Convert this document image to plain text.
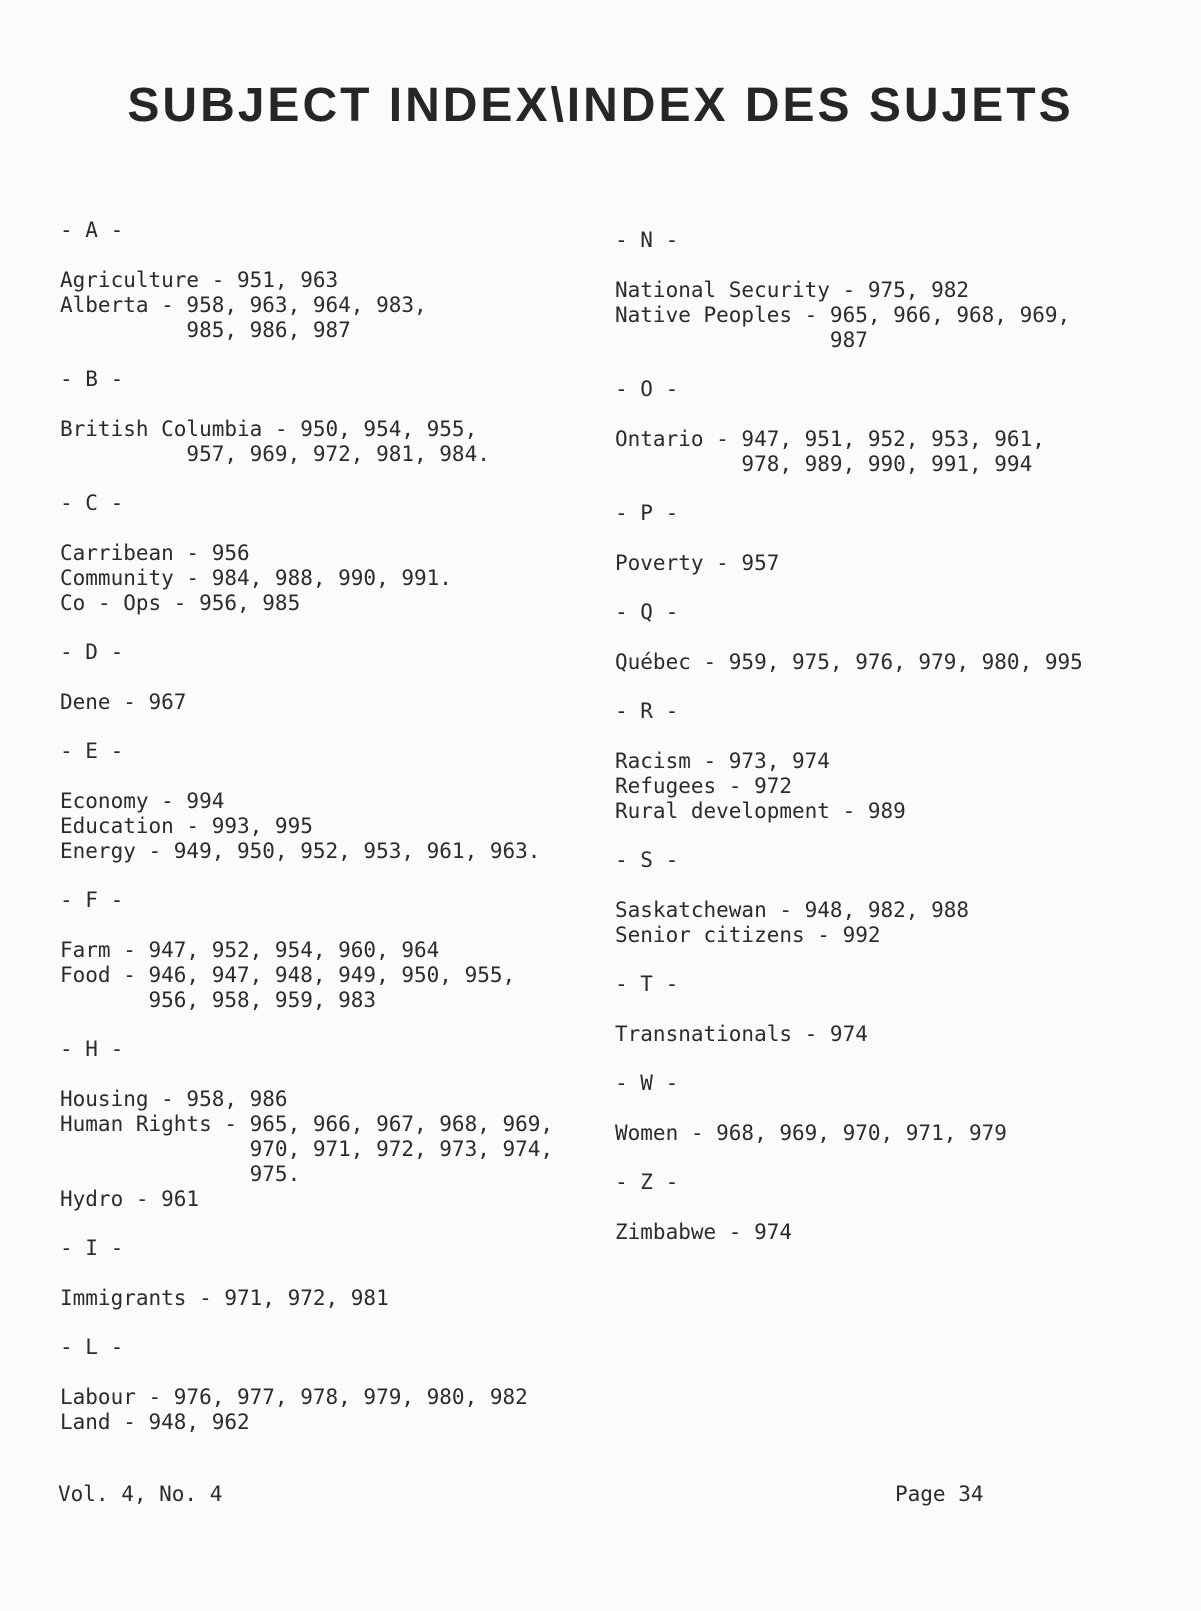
SUBJECT INDEX\INDEX DES SUJETS
- A -
Agriculture - 951, 963
Alberta - 958, 963, 964, 983,
985, 986, 987
- B -
British Columbia - 950, 954, 955,
957, 969, 972, 981, 984.
- C -
Carribean - 956
Community - 984, 988, 990, 991.
Co - Ops - 956, 985
- D -
Dene - 967
- E -
Economy - 994
Education - 993, 995
Energy - 949, 950, 952, 953, 961, 963.
- F -
Farm - 947, 952, 954, 960, 964
Food - 946, 947, 948, 949, 950, 955,
956, 958, 959, 983
- H -
Housing - 958, 986
Human Rights - 965, 966, 967, 968, 969,
970, 971, 972, 973, 974,
975.
Hydro - 961
- I -
Immigrants - 971, 972, 981
- L -
Labour - 976, 977, 978, 979, 980, 982
Land - 948, 962
- N -
National Security - 975, 982
Native Peoples - 965, 966, 968, 969,
987
- O -
Ontario - 947, 951, 952, 953, 961,
978, 989, 990, 991, 994
- P -
Poverty - 957
- Q -
Québec - 959, 975, 976, 979, 980, 995
- R -
Racism - 973, 974
Refugees - 972
Rural development - 989
- S -
Saskatchewan - 948, 982, 988
Senior citizens - 992
- T -
Transnationals - 974
- W -
Women - 968, 969, 970, 971, 979
- Z -
Zimbabwe - 974
Vol. 4, No. 4	Page 34
